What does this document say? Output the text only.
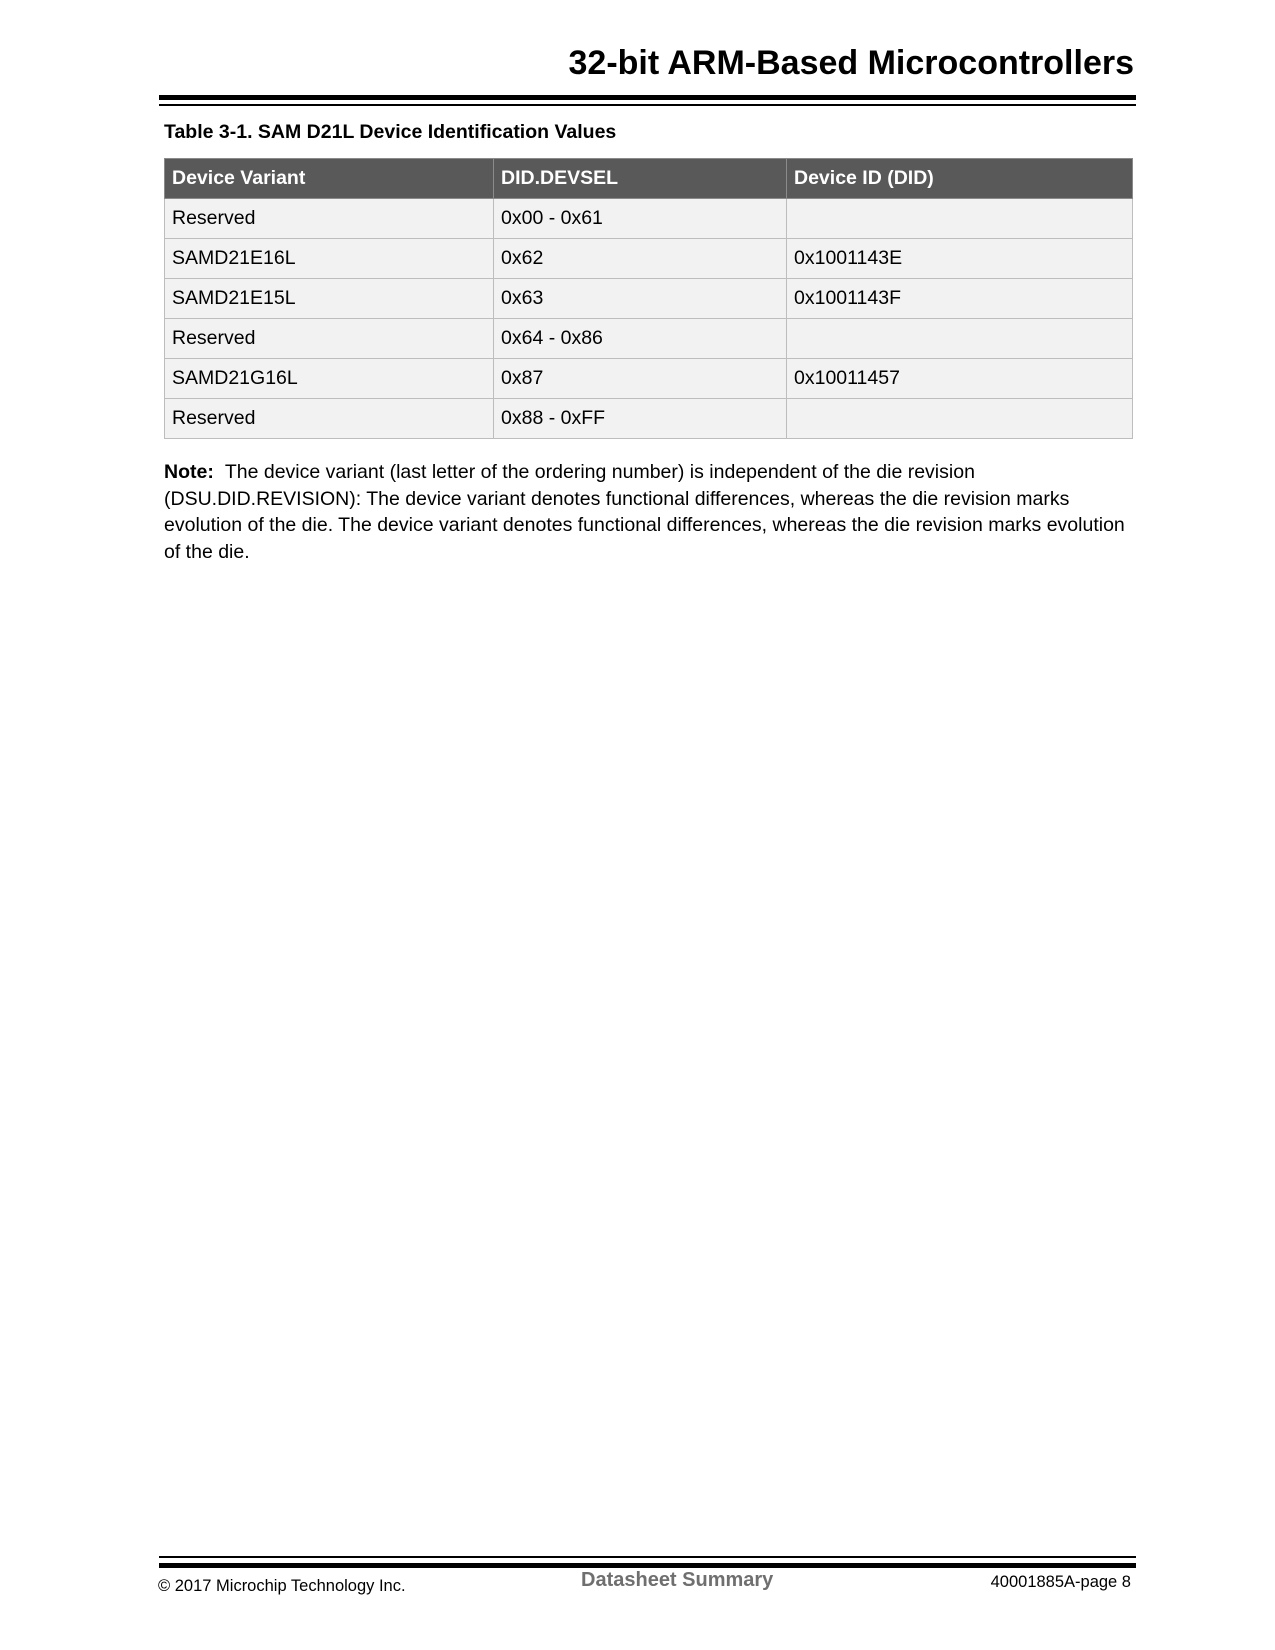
32-bit ARM-Based Microcontrollers
Table 3-1. SAM D21L Device Identification Values
Device Variant	DID.DEVSEL	Device ID (DID)
Reserved	0x00 - 0x61	
SAMD21E16L	0x62	0x1001143E
SAMD21E15L	0x63	0x1001143F
Reserved	0x64 - 0x86	
SAMD21G16L	0x87	0x10011457
Reserved	0x88 - 0xFF	
Note: The device variant (last letter of the ordering number) is independent of the die revision (DSU.DID.REVISION): The device variant denotes functional differences, whereas the die revision marks evolution of the die. The device variant denotes functional differences, whereas the die revision marks evolution of the die.
© 2017 Microchip Technology Inc.	Datasheet Summary	40001885A-page 8
